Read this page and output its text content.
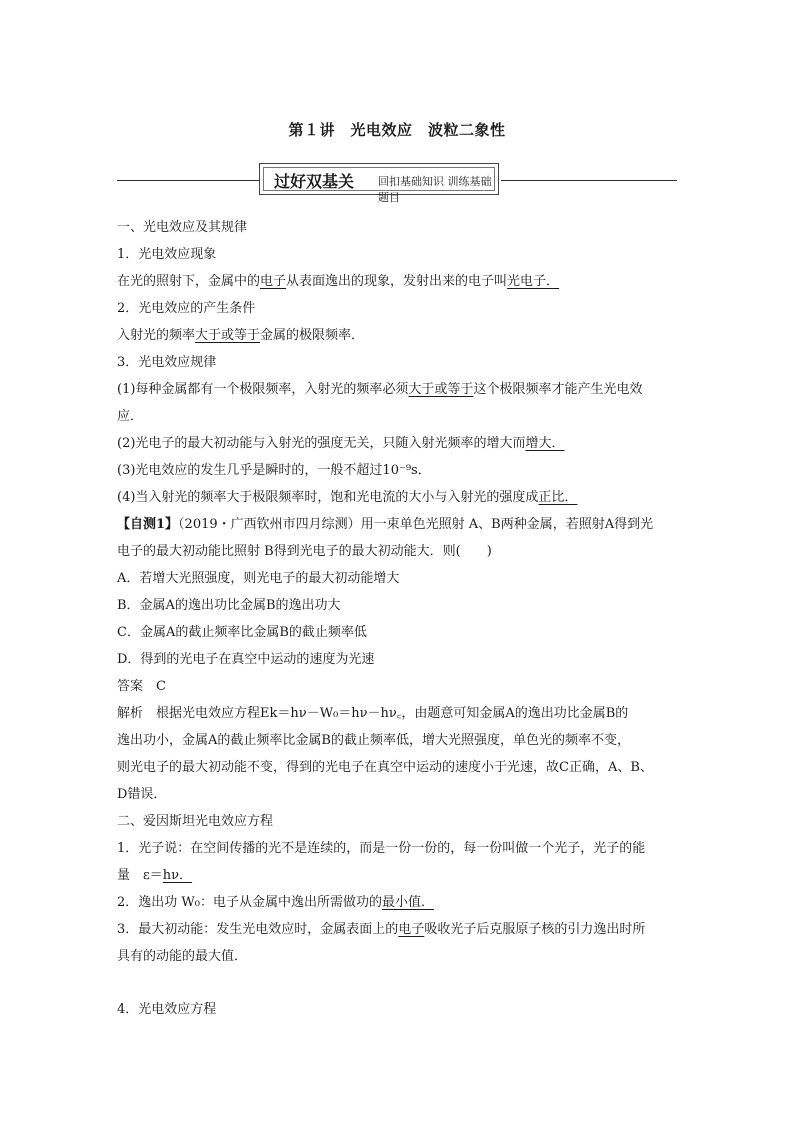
第１讲　光电效应　波粒二象性
过好双基关 回扣基础知识 训练基础题目
一、光电效应及其规律
1．光电效应现象
在光的照射下，金属中的电子从表面逸出的现象，发射出来的电子叫光电子．
2．光电效应的产生条件
入射光的频率大于或等于金属的极限频率．
3．光电效应规律
(1)每种金属都有一个极限频率，入射光的频率必须大于或等于这个极限频率才能产生光电效
应．
(2)光电子的最大初动能与入射光的强度无关，只随入射光频率的增大而增大．
(3)光电效应的发生几乎是瞬时的，一般不超过10⁻⁹s．
(4)当入射光的频率大于极限频率时，饱和光电流的大小与入射光的强度成正比．
【自测1】（2019・广西钦州市四月综测）用一束单色光照射 A、B两种金属，若照射A得到光
电子的最大初动能比照射 B得到光电子的最大初动能大．则(　　)
A．若增大光照强度，则光电子的最大初动能增大
B．金属A的逸出功比金属B的逸出功大
C．金属A的截止频率比金属B的截止频率低
D．得到的光电子在真空中运动的速度为光速
答案　 C
解析　 根据光电效应方程Ek＝hν－W₀＝hν－hν꜀，由题意可知金属A的逸出功比金属B的
逸出功小，金属A的截止频率比金属B的截止频率低，增大光照强度，单色光的频率不变，
则光电子的最大初动能不变，得到的光电子在真空中运动的速度小于光速，故C正确，A、B、
D错误．
二、爱因斯坦光电效应方程
1．光子说：在空间传播的光不是连续的，而是一份一份的，每一份叫做一个光子，光子的能
量　 ε＝hν．
2．逸出功 W₀：电子从金属中逸出所需做功的最小值．
3．最大初动能：发生光电效应时，金属表面上的电子吸收光子后克服原子核的引力逸出时所
具有的动能的最大值．
4．光电效应方程
